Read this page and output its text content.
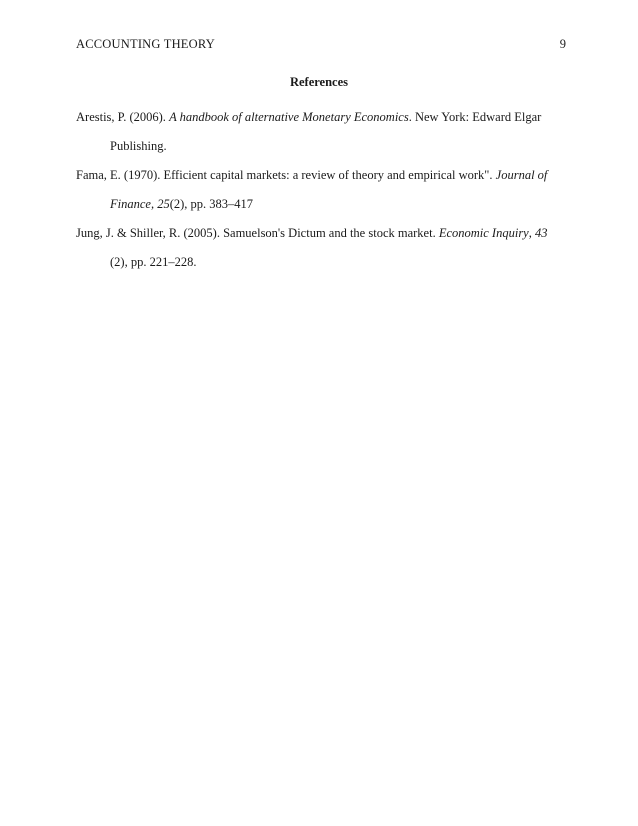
ACCOUNTING THEORY	9
References
Arestis, P. (2006). A handbook of alternative Monetary Economics. New York: Edward Elgar Publishing.
Fama, E. (1970). Efficient capital markets: a review of theory and empirical work". Journal of Finance, 25(2), pp. 383–417
Jung, J. & Shiller, R. (2005). Samuelson's Dictum and the stock market. Economic Inquiry, 43 (2), pp. 221–228.
